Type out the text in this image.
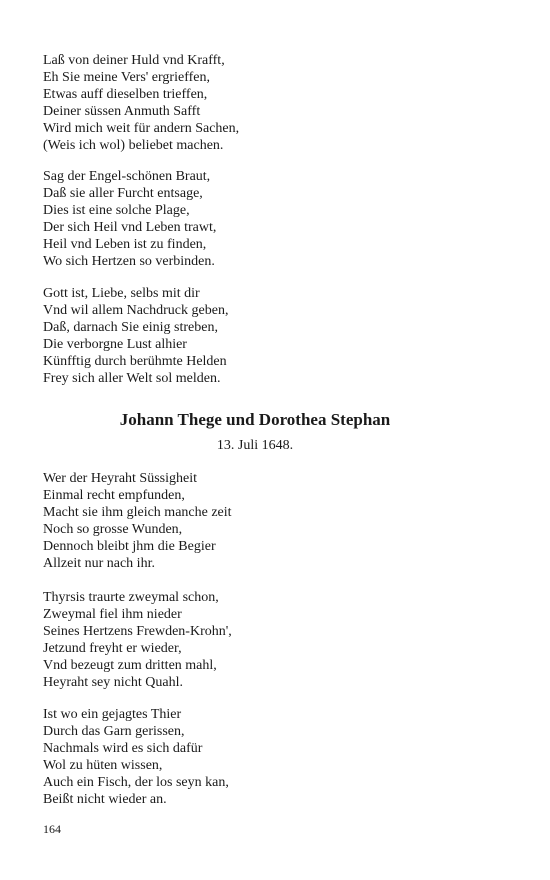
Laß von deiner Huld vnd Krafft,
Eh Sie meine Vers' ergrieffen,
Etwas auff dieselben trieffen,
Deiner süssen Anmuth Safft
Wird mich weit für andern Sachen,
(Weis ich wol) beliebet machen.
Sag der Engel-schönen Braut,
Daß sie aller Furcht entsage,
Dies ist eine solche Plage,
Der sich Heil vnd Leben trawt,
Heil vnd Leben ist zu finden,
Wo sich Hertzen so verbinden.
Gott ist, Liebe, selbs mit dir
Vnd wil allem Nachdruck geben,
Daß, darnach Sie einig streben,
Die verborgne Lust alhier
Künfftig durch berühmte Helden
Frey sich aller Welt sol melden.
Johann Thege und Dorothea Stephan
13. Juli 1648.
Wer der Heyraht Süssigheit
Einmal recht empfunden,
Macht sie ihm gleich manche zeit
Noch so grosse Wunden,
Dennoch bleibt jhm die Begier
Allzeit nur nach ihr.
Thyrsis traurte zweymal schon,
Zweymal fiel ihm nieder
Seines Hertzens Frewden-Krohn',
Jetzund freyht er wieder,
Vnd bezeugt zum dritten mahl,
Heyraht sey nicht Quahl.
Ist wo ein gejagtes Thier
Durch das Garn gerissen,
Nachmals wird es sich dafür
Wol zu hüten wissen,
Auch ein Fisch, der los seyn kan,
Beißt nicht wieder an.
164
